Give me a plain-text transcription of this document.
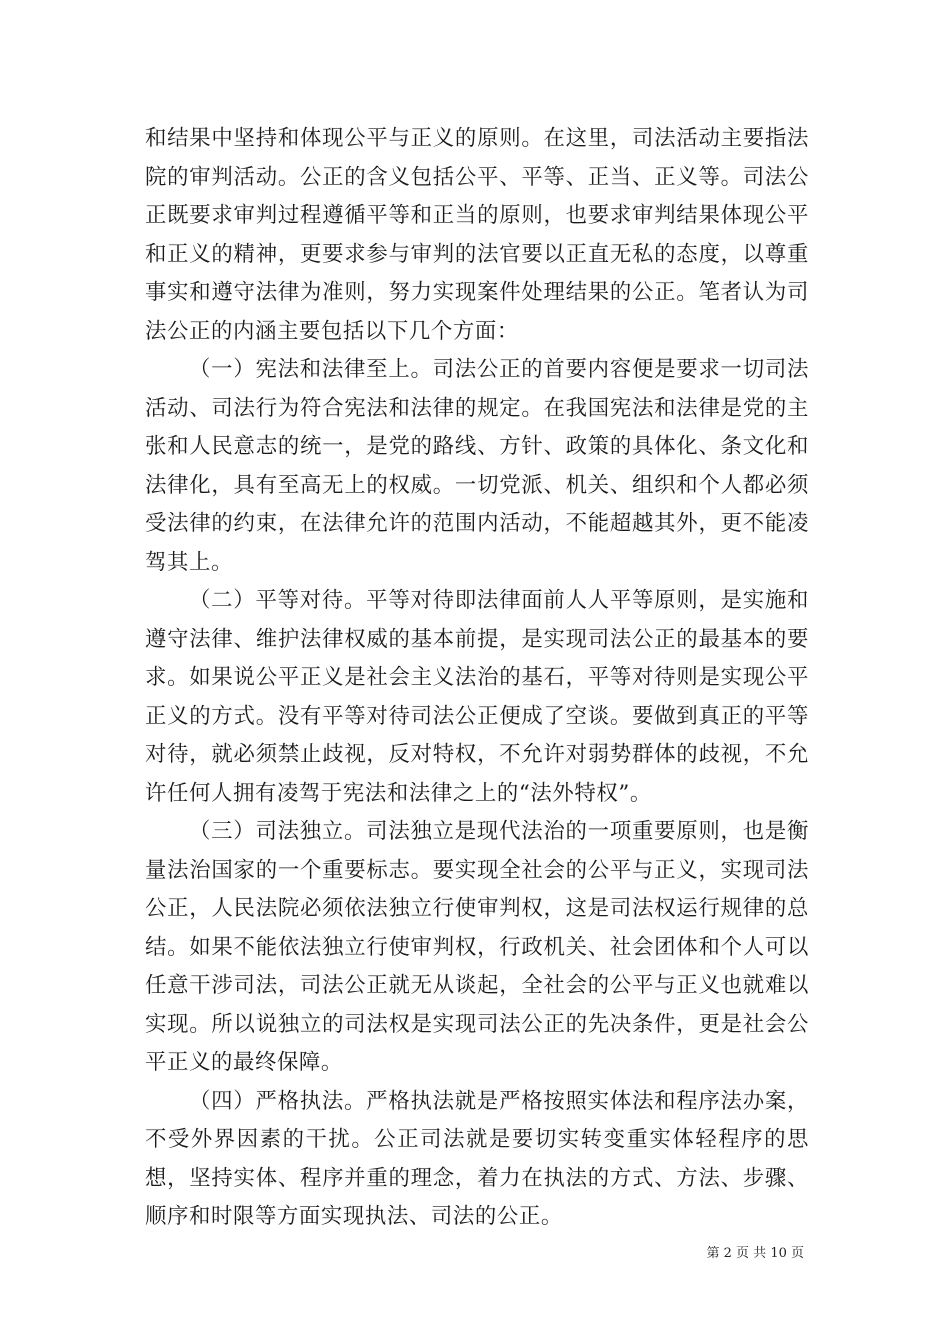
和结果中坚持和体现公平与正义的原则。在这里，司法活动主要指法院的审判活动。公正的含义包括公平、平等、正当、正义等。司法公正既要求审判过程遵循平等和正当的原则，也要求审判结果体现公平和正义的精神，更要求参与审判的法官要以正直无私的态度，以尊重事实和遵守法律为准则，努力实现案件处理结果的公正。笔者认为司法公正的内涵主要包括以下几个方面：

（一）宪法和法律至上。司法公正的首要内容便是要求一切司法活动、司法行为符合宪法和法律的规定。在我国宪法和法律是党的主张和人民意志的统一，是党的路线、方针、政策的具体化、条文化和法律化，具有至高无上的权威。一切党派、机关、组织和个人都必须受法律的约束，在法律允许的范围内活动，不能超越其外，更不能凌驾其上。

（二）平等对待。平等对待即法律面前人人平等原则，是实施和遵守法律、维护法律权威的基本前提，是实现司法公正的最基本的要求。如果说公平正义是社会主义法治的基石，平等对待则是实现公平正义的方式。没有平等对待司法公正便成了空谈。要做到真正的平等对待，就必须禁止歧视，反对特权，不允许对弱势群体的歧视，不允许任何人拥有凌驾于宪法和法律之上的“法外特权”。

（三）司法独立。司法独立是现代法治的一项重要原则，也是衡量法治国家的一个重要标志。要实现全社会的公平与正义，实现司法公正，人民法院必须依法独立行使审判权，这是司法权运行规律的总结。如果不能依法独立行使审判权，行政机关、社会团体和个人可以任意干涉司法，司法公正就无从谈起，全社会的公平与正义也就难以实现。所以说独立的司法权是实现司法公正的先决条件，更是社会公平正义的最终保障。

（四）严格执法。严格执法就是严格按照实体法和程序法办案，不受外界因素的干扰。公正司法就是要切实转变重实体轻程序的思想，坚持实体、程序并重的理念，着力在执法的方式、方法、步骤、顺序和时限等方面实现执法、司法的公正。

第 2 页 共 10 页
